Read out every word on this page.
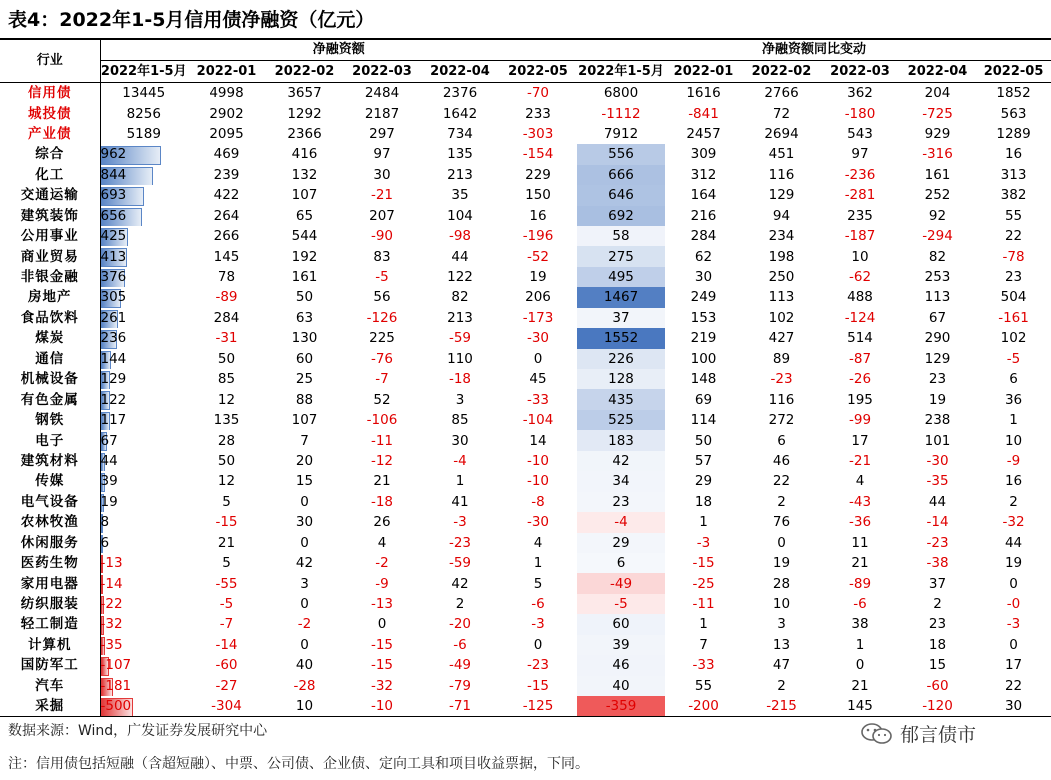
表4：2022年1-5月信用债净融资（亿元）
行业	净融资额						净融资额同比变动					
	2022年1-5月	2022-01	2022-02	2022-03	2022-04	2022-05	2022年1-5月	2022-01	2022-02	2022-03	2022-04	2022-05
信用债	13445	4998	3657	2484	2376	-70	6800	1616	2766	362	204	1852
城投债	8256	2902	1292	2187	1642	233	-1112	-841	72	-180	-725	563
产业债	5189	2095	2366	297	734	-303	7912	2457	2694	543	929	1289
综合	962	469	416	97	135	-154	556	309	451	97	-316	16
化工	844	239	132	30	213	229	666	312	116	-236	161	313
交通运输	693	422	107	-21	35	150	646	164	129	-281	252	382
建筑装饰	656	264	65	207	104	16	692	216	94	235	92	55
公用事业	425	266	544	-90	-98	-196	58	284	234	-187	-294	22
商业贸易	413	145	192	83	44	-52	275	62	198	10	82	-78
非银金融	376	78	161	-5	122	19	495	30	250	-62	253	23
房地产	305	-89	50	56	82	206	1467	249	113	488	113	504
食品饮料	261	284	63	-126	213	-173	37	153	102	-124	67	-161
煤炭	236	-31	130	225	-59	-30	1552	219	427	514	290	102
通信	144	50	60	-76	110	0	226	100	89	-87	129	-5
机械设备	129	85	25	-7	-18	45	128	148	-23	-26	23	6
有色金属	122	12	88	52	3	-33	435	69	116	195	19	36
钢铁	117	135	107	-106	85	-104	525	114	272	-99	238	1
电子	67	28	7	-11	30	14	183	50	6	17	101	10
建筑材料	44	50	20	-12	-4	-10	42	57	46	-21	-30	-9
传媒	39	12	15	21	1	-10	34	29	22	4	-35	16
电气设备	19	5	0	-18	41	-8	23	18	2	-43	44	2
农林牧渔	8	-15	30	26	-3	-30	-4	1	76	-36	-14	-32
休闲服务	6	21	0	4	-23	4	29	-3	0	11	-23	44
医药生物	-13	5	42	-2	-59	1	6	-15	19	21	-38	19
家用电器	-14	-55	3	-9	42	5	-49	-25	28	-89	37	0
纺织服装	-22	-5	0	-13	2	-6	-5	-11	10	-6	2	-0
轻工制造	-32	-7	-2	0	-20	-3	60	1	3	38	23	-3
计算机	-35	-14	0	-15	-6	0	39	7	13	1	18	0
国防军工	-107	-60	40	-15	-49	-23	46	-33	47	0	15	17
汽车	-181	-27	-28	-32	-79	-15	40	55	2	21	-60	22
采掘	-500	-304	10	-10	-71	-125	-359	-200	-215	145	-120	30
数据来源：Wind，广发证券发展研究中心
注：信用债包括短融（含超短融）、中票、公司债、企业债、定向工具和项目收益票据，下同。
郁言债市
